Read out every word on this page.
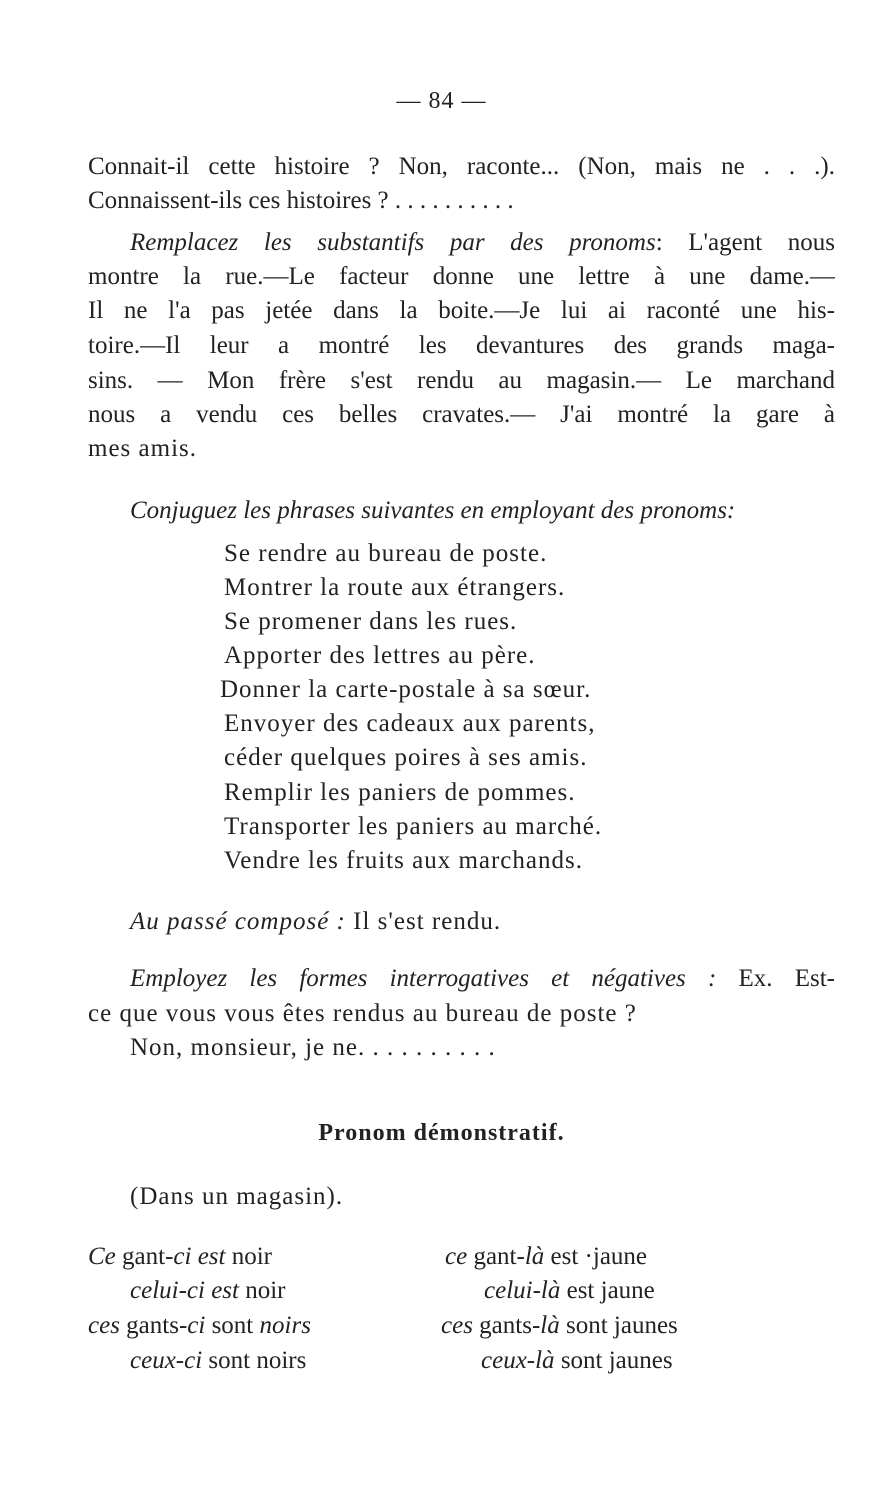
— 84 —
Connait-il cette histoire ? Non, raconte... (Non, mais ne . . .).
Connaissent-ils ces histoires ? . . . . . . . . . .
Remplacez les substantifs par des pronoms: L'agent nous
montre la rue.—Le facteur donne une lettre à une dame.—
Il ne l'a pas jetée dans la boite.—Je lui ai raconté une his-
toire.—Il leur a montré les devantures des grands maga-
sins. — Mon frère s'est rendu au magasin.— Le marchand
nous a vendu ces belles cravates.— J'ai montré la gare à
mes amis.
Conjuguez les phrases suivantes en employant des pronoms:
Se rendre au bureau de poste.
Montrer la route aux étrangers.
Se promener dans les rues.
Apporter des lettres au père.
Donner la carte-postale à sa sœur.
Envoyer des cadeaux aux parents,
céder quelques poires à ses amis.
Remplir les paniers de pommes.
Transporter les paniers au marché.
Vendre les fruits aux marchands.
Au passé composé : Il s'est rendu.
Employez les formes interrogatives et négatives : Ex. Est-
ce que vous vous êtes rendus au bureau de poste ?
Non, monsieur, je ne. . . . . . . . . .
Pronom démonstratif.
(Dans un magasin).
Ce gant-ci est noir
celui-ci est noir
ces gants-ci sont noirs
ceux-ci sont noirs
ce gant-là est ·jaune
celui-là est jaune
ces gants-là sont jaunes
ceux-là sont jaunes
